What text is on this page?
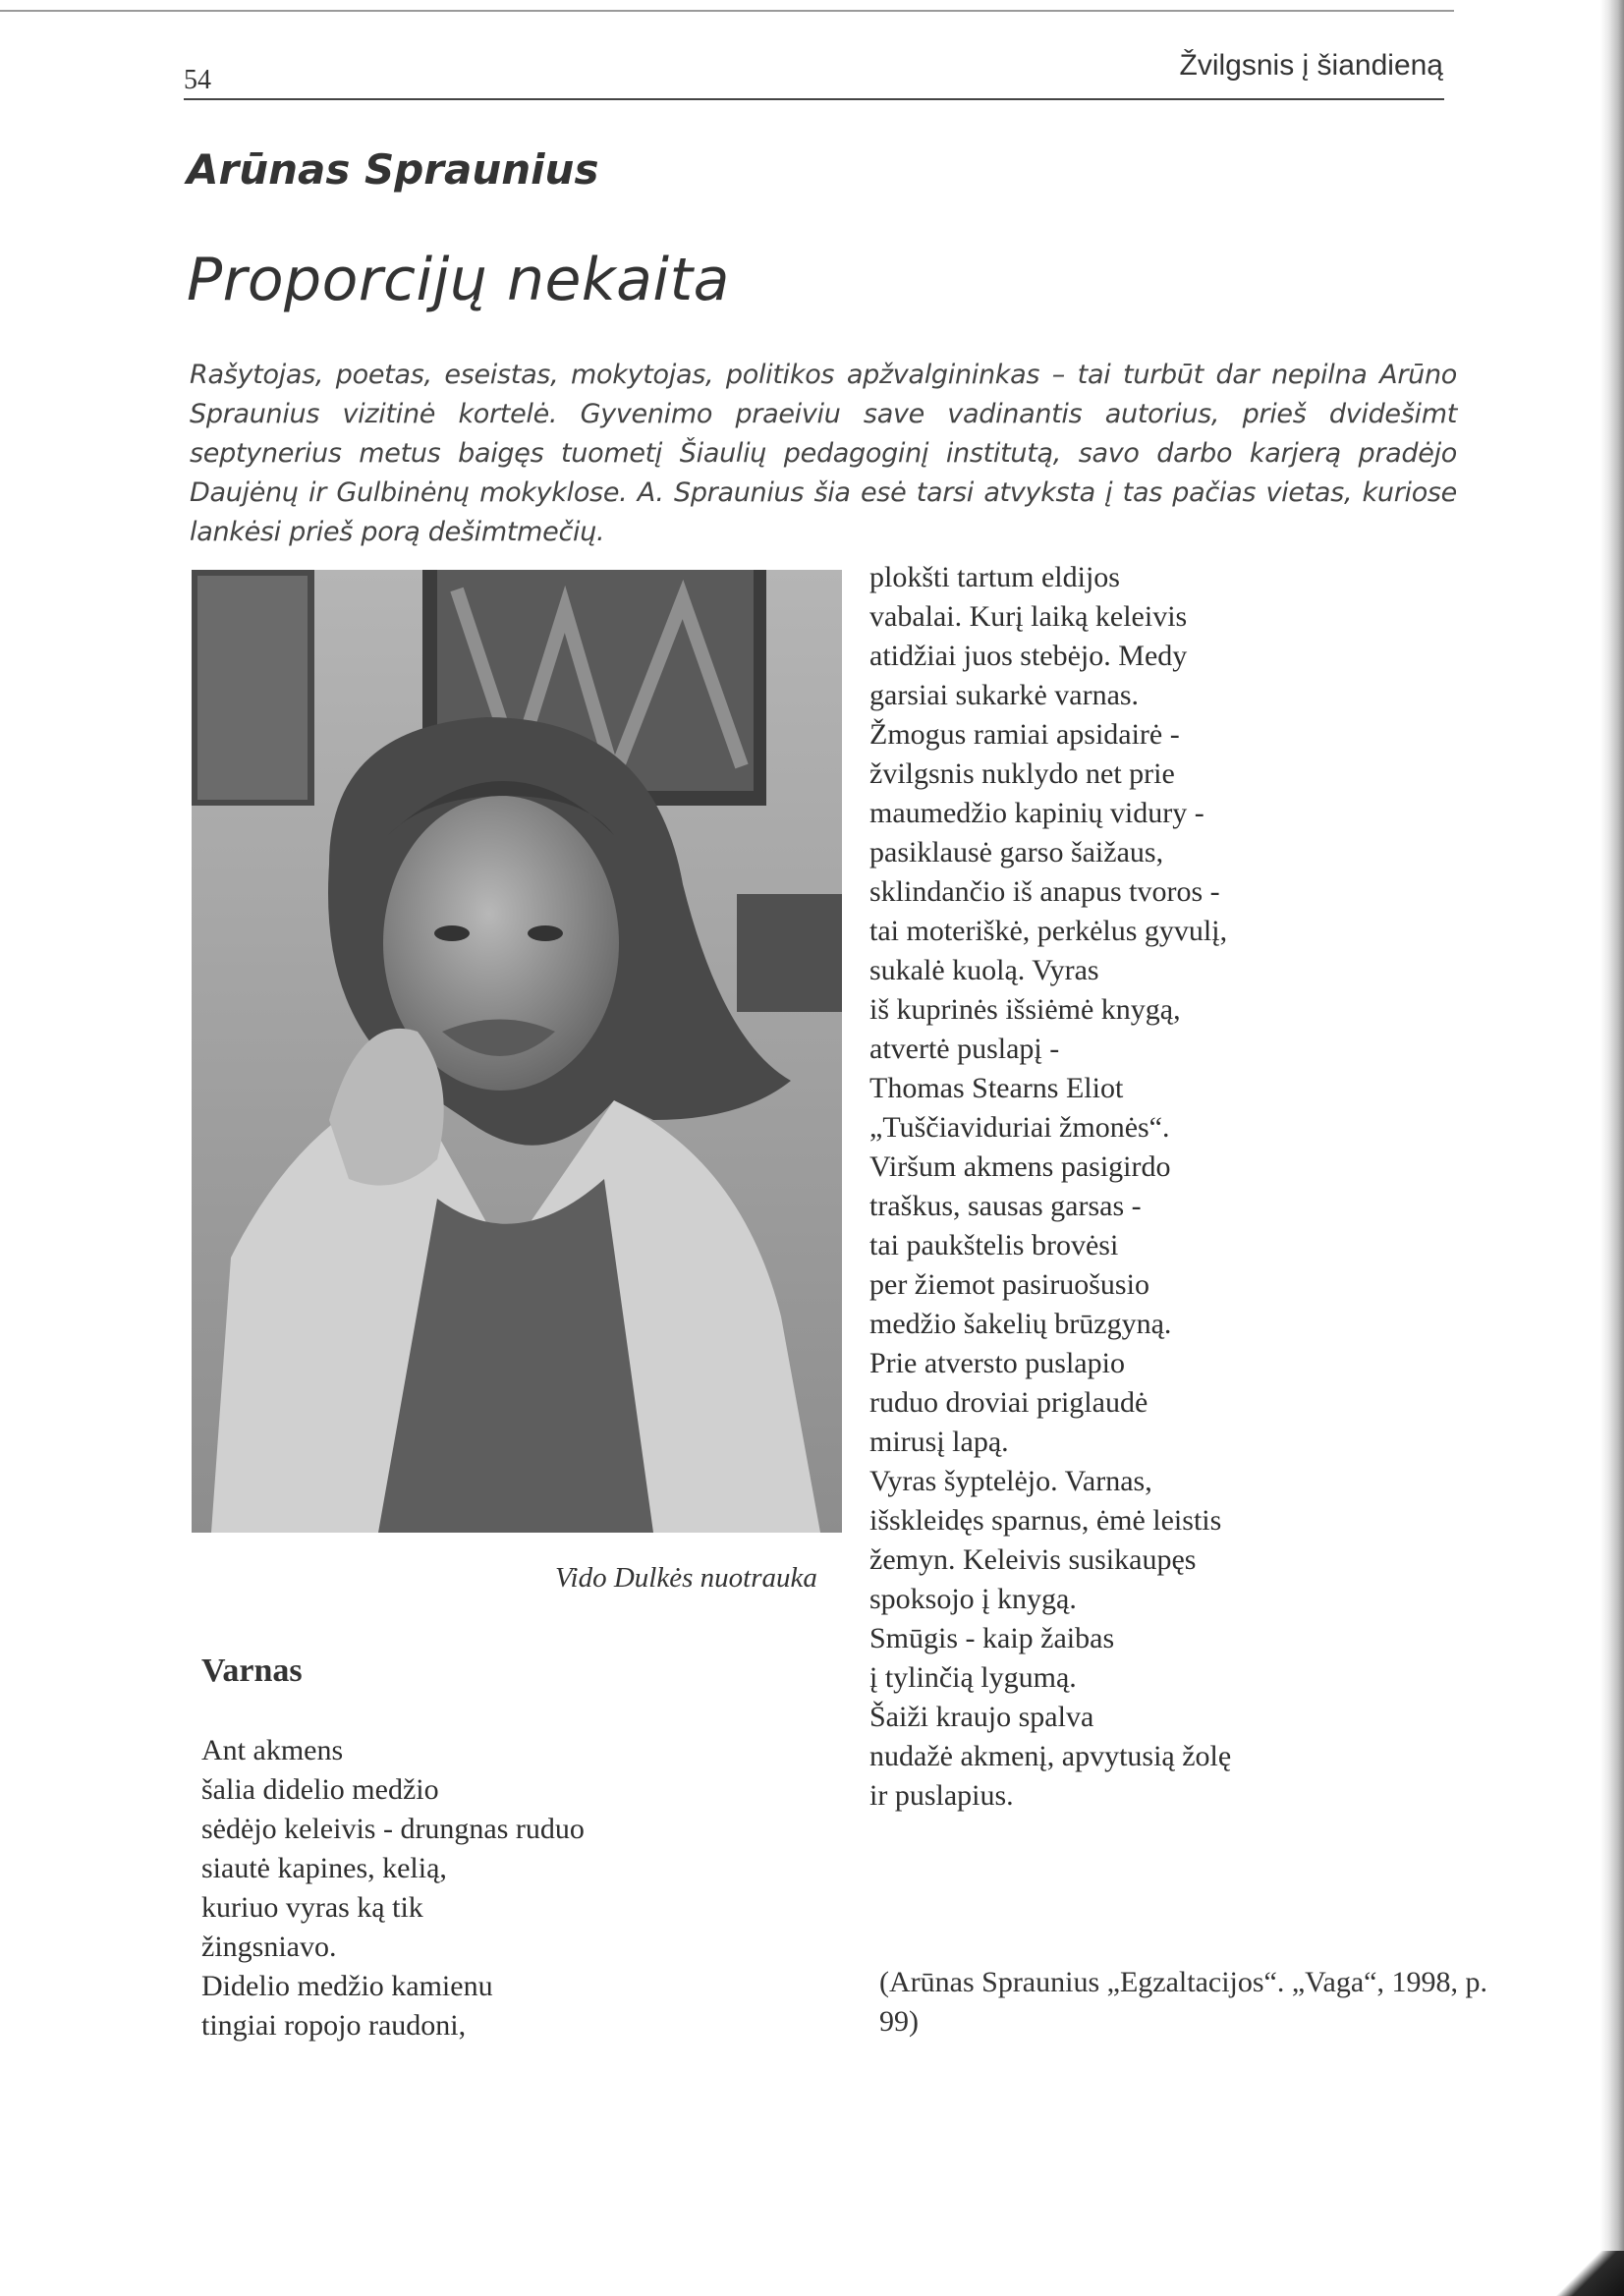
54	Žvilgsnis į šiandieną
Arūnas Spraunius
Proporcijų nekaita
Rašytojas, poetas, eseistas, mokytojas, politikos apžvalgininkas – tai turbūt dar nepilna Arūno Spraunius vizitinė kortelė. Gyvenimo praeiviu save vadinantis autorius, prieš dvidešimt septynerius metus baigęs tuometį Šiaulių pedagoginį institutą, savo darbo karjerą pradėjo Daujėnų ir Gulbinėnų mokyklose. A. Spraunius šia esė tarsi atvyksta į tas pačias vietas, kuriose lankėsi prieš porą dešimtmečių.
Vido Dulkės nuotrauka
Varnas
Ant akmens
šalia didelio medžio
sėdėjo keleivis - drungnas ruduo
siautė kapines, kelią,
kuriuo vyras ką tik
žingsniavo.
Didelio medžio kamienu
tingiai ropojo raudoni,
plokšti tartum eldijos
vabalai. Kurį laiką keleivis
atidžiai juos stebėjo. Medy
garsiai sukarkė varnas.
Žmogus ramiai apsidairė -
žvilgsnis nuklydo net prie
maumedžio kapinių vidury -
pasiklausė garso šaižaus,
sklindančio iš anapus tvoros -
tai moteriškė, perkėlus gyvulį,
sukalė kuolą. Vyras
iš kuprinės išsiėmė knygą,
atvertė puslapį -
Thomas Stearns Eliot
„Tuščiaviduriai žmonės“.
Viršum akmens pasigirdo
traškus, sausas garsas -
tai paukštelis brovėsi
per žiemot pasiruošusio
medžio šakelių brūzgyną.
Prie atversto puslapio
ruduo droviai priglaudė
mirusį lapą.
Vyras šyptelėjo. Varnas,
išskleidęs sparnus, ėmė leistis
žemyn. Keleivis susikaupęs
spoksojo į knygą.
Smūgis - kaip žaibas
į tylinčią lygumą.
Šaiži kraujo spalva
nudažė akmenį, apvytusią žolę
ir puslapius.
(Arūnas Spraunius „Egzaltacijos“. „Vaga“, 1998, p. 99)
